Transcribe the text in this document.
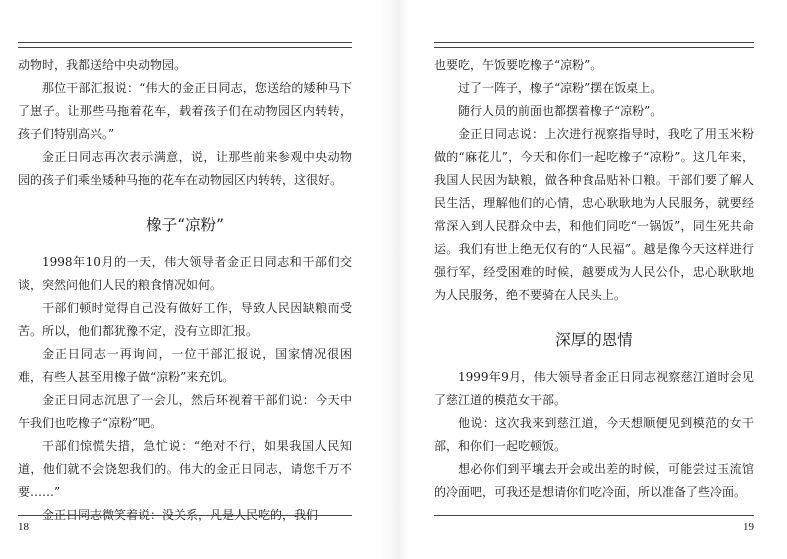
动物时，我都送给中央动物园。

那位干部汇报说：“伟大的金正日同志，您送给的矮种马下了崽子。让那些马拖着花车，载着孩子们在动物园区内转转，孩子们特别高兴。”

金正日同志再次表示满意，说，让那些前来参观中央动物园的孩子们乘坐矮种马拖的花车在动物园区内转转，这很好。

橡子“凉粉”

1998年10月的一天，伟大领导者金正日同志和干部们交谈，突然问他们人民的粮食情况如何。

干部们顿时觉得自己没有做好工作，导致人民因缺粮而受苦。所以，他们都犹豫不定，没有立即汇报。

金正日同志一再询问，一位干部汇报说，国家情况很困难，有些人甚至用橡子做“凉粉”来充饥。

金正日同志沉思了一会儿，然后环视着干部们说：今天中午我们也吃橡子“凉粉”吧。

干部们惊慌失措，急忙说：“绝对不行，如果我国人民知道，他们就不会饶恕我们的。伟大的金正日同志，请您千万不要……”

金正日同志微笑着说：没关系，凡是人民吃的，我们

18

也要吃，午饭要吃橡子“凉粉”。

过了一阵子，橡子“凉粉”摆在饭桌上。

随行人员的前面也都摆着橡子“凉粉”。

金正日同志说：上次进行视察指导时，我吃了用玉米粉做的“麻花儿”，今天和你们一起吃橡子“凉粉”。这几年来，我国人民因为缺粮，做各种食品贴补口粮。干部们要了解人民生活，理解他们的心情，忠心耿耿地为人民服务，就要经常深入到人民群众中去，和他们同吃“一锅饭”，同生死共命运。我们有世上绝无仅有的“人民福”。越是像今天这样进行强行军，经受困难的时候，越要成为人民公仆，忠心耿耿地为人民服务，绝不要骑在人民头上。

深厚的恩情

1999年9月，伟大领导者金正日同志视察慈江道时会见了慈江道的模范女干部。

他说：这次我来到慈江道，今天想顺便见到模范的女干部，和你们一起吃顿饭。

想必你们到平壤去开会或出差的时候，可能尝过玉流馆的冷面吧，可我还是想请你们吃冷面，所以准备了些冷面。

19
